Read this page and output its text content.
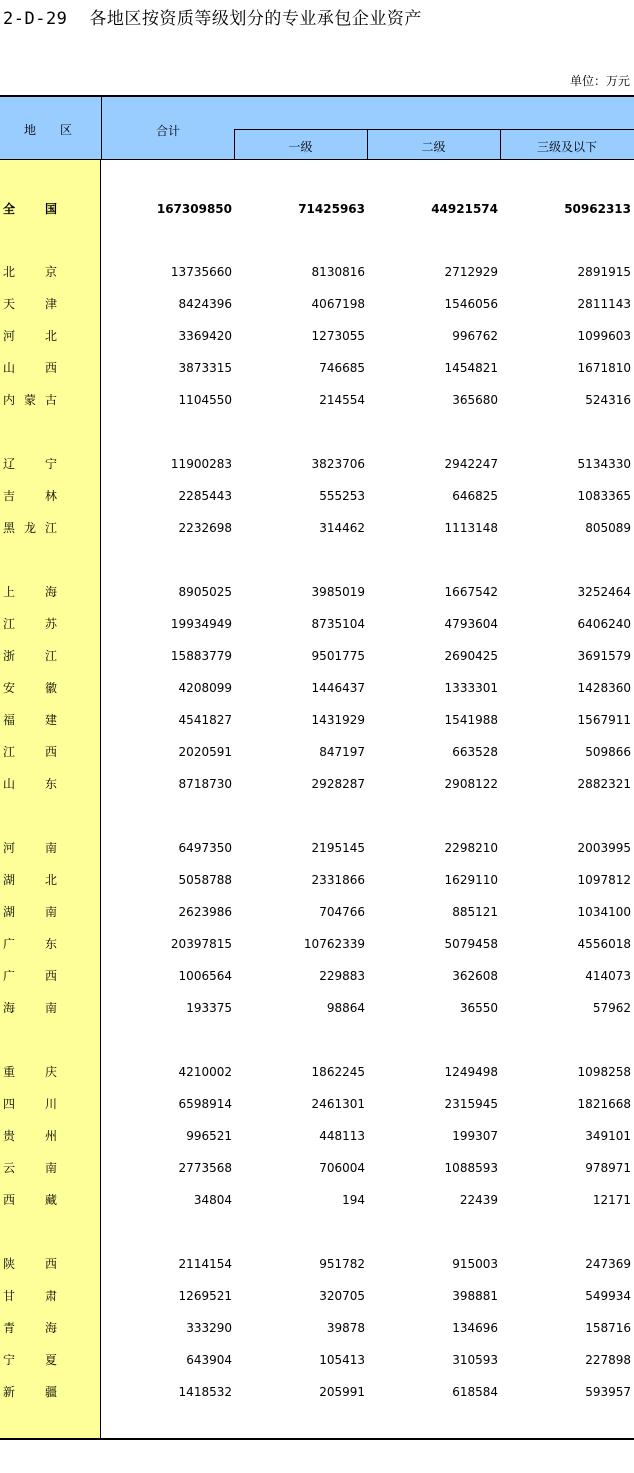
2-D-29 各地区按资质等级划分的专业承包企业资产
单位：万元
地　　区	合计
一级	二级	三级及以下
全 国	167309850	71425963	44921574	50962313
北 京	13735660	8130816	2712929	2891915
天 津	8424396	4067198	1546056	2811143
河 北	3369420	1273055	996762	1099603
山 西	3873315	746685	1454821	1671810
内 蒙 古	1104550	214554	365680	524316
辽 宁	11900283	3823706	2942247	5134330
吉 林	2285443	555253	646825	1083365
黑 龙 江	2232698	314462	1113148	805089
上 海	8905025	3985019	1667542	3252464
江 苏	19934949	8735104	4793604	6406240
浙 江	15883779	9501775	2690425	3691579
安 徽	4208099	1446437	1333301	1428360
福 建	4541827	1431929	1541988	1567911
江 西	2020591	847197	663528	509866
山 东	8718730	2928287	2908122	2882321
河 南	6497350	2195145	2298210	2003995
湖 北	5058788	2331866	1629110	1097812
湖 南	2623986	704766	885121	1034100
广 东	20397815	10762339	5079458	4556018
广 西	1006564	229883	362608	414073
海 南	193375	98864	36550	57962
重 庆	4210002	1862245	1249498	1098258
四 川	6598914	2461301	2315945	1821668
贵 州	996521	448113	199307	349101
云 南	2773568	706004	1088593	978971
西 藏	34804	194	22439	12171
陕 西	2114154	951782	915003	247369
甘 肃	1269521	320705	398881	549934
青 海	333290	39878	134696	158716
宁 夏	643904	105413	310593	227898
新 疆	1418532	205991	618584	593957
